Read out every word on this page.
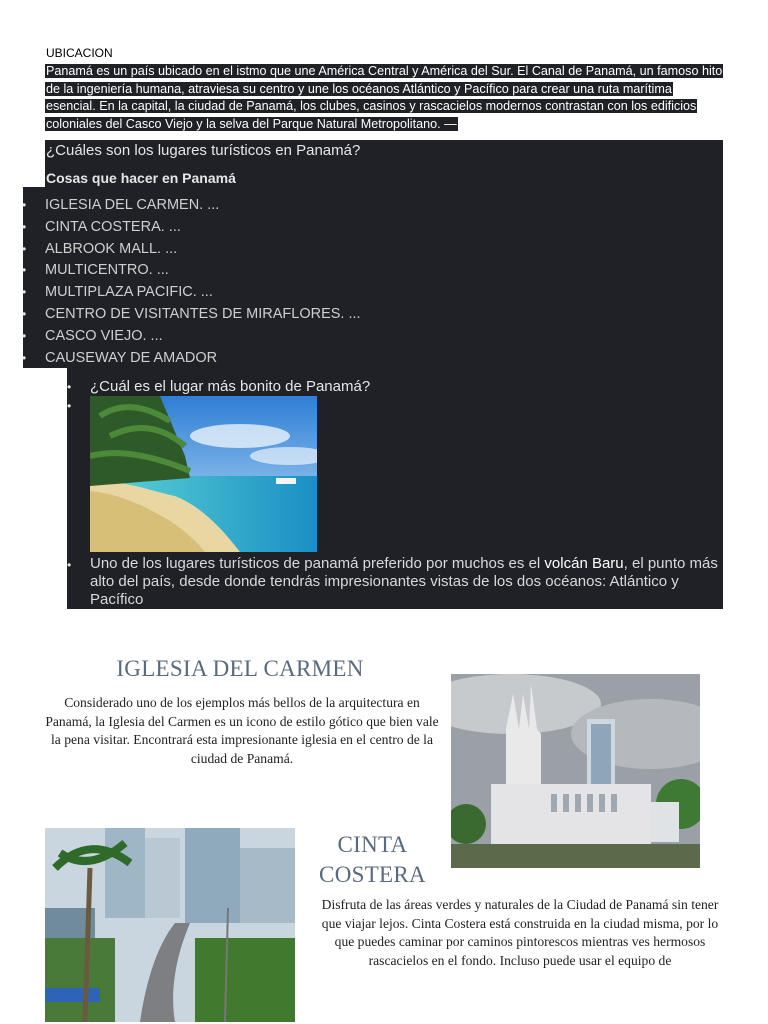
UBICACION
Panamá es un país ubicado en el istmo que une América Central y América del Sur. El Canal de Panamá, un famoso hito de la ingeniería humana, atraviesa su centro y une los océanos Atlántico y Pacífico para crear una ruta marítima esencial. En la capital, la ciudad de Panamá, los clubes, casinos y rascacielos modernos contrastan con los edificios coloniales del Casco Viejo y la selva del Parque Natural Metropolitano. —
¿Cuáles son los lugares turísticos en Panamá?
Cosas que hacer en Panamá
• IGLESIA DEL CARMEN. ...
• CINTA COSTERA. ...
• ALBROOK MALL. ...
• MULTICENTRO. ...
• MULTIPLAZA PACIFIC. ...
• CENTRO DE VISITANTES DE MIRAFLORES. ...
• CASCO VIEJO. ...
• CAUSEWAY DE AMADOR
• ¿Cuál es el lugar más bonito de Panamá?
•
Uno de los lugares turísticos de panamá preferido por muchos es el volcán Baru, el punto más alto del país, desde donde tendrás impresionantes vistas de los dos océanos: Atlántico y Pacífico
•
IGLESIA DEL CARMEN
Considerado uno de los ejemplos más bellos de la arquitectura en Panamá, la Iglesia del Carmen es un icono de estilo gótico que bien vale la pena visitar. Encontrará esta impresionante iglesia en el centro de la ciudad de Panamá.
CINTA COSTERA
Disfruta de las áreas verdes y naturales de la Ciudad de Panamá sin tener que viajar lejos. Cinta Costera está construida en la ciudad misma, por lo que puedes caminar por caminos pintorescos mientras ves hermosos rascacielos en el fondo. Incluso puede usar el equipo de
